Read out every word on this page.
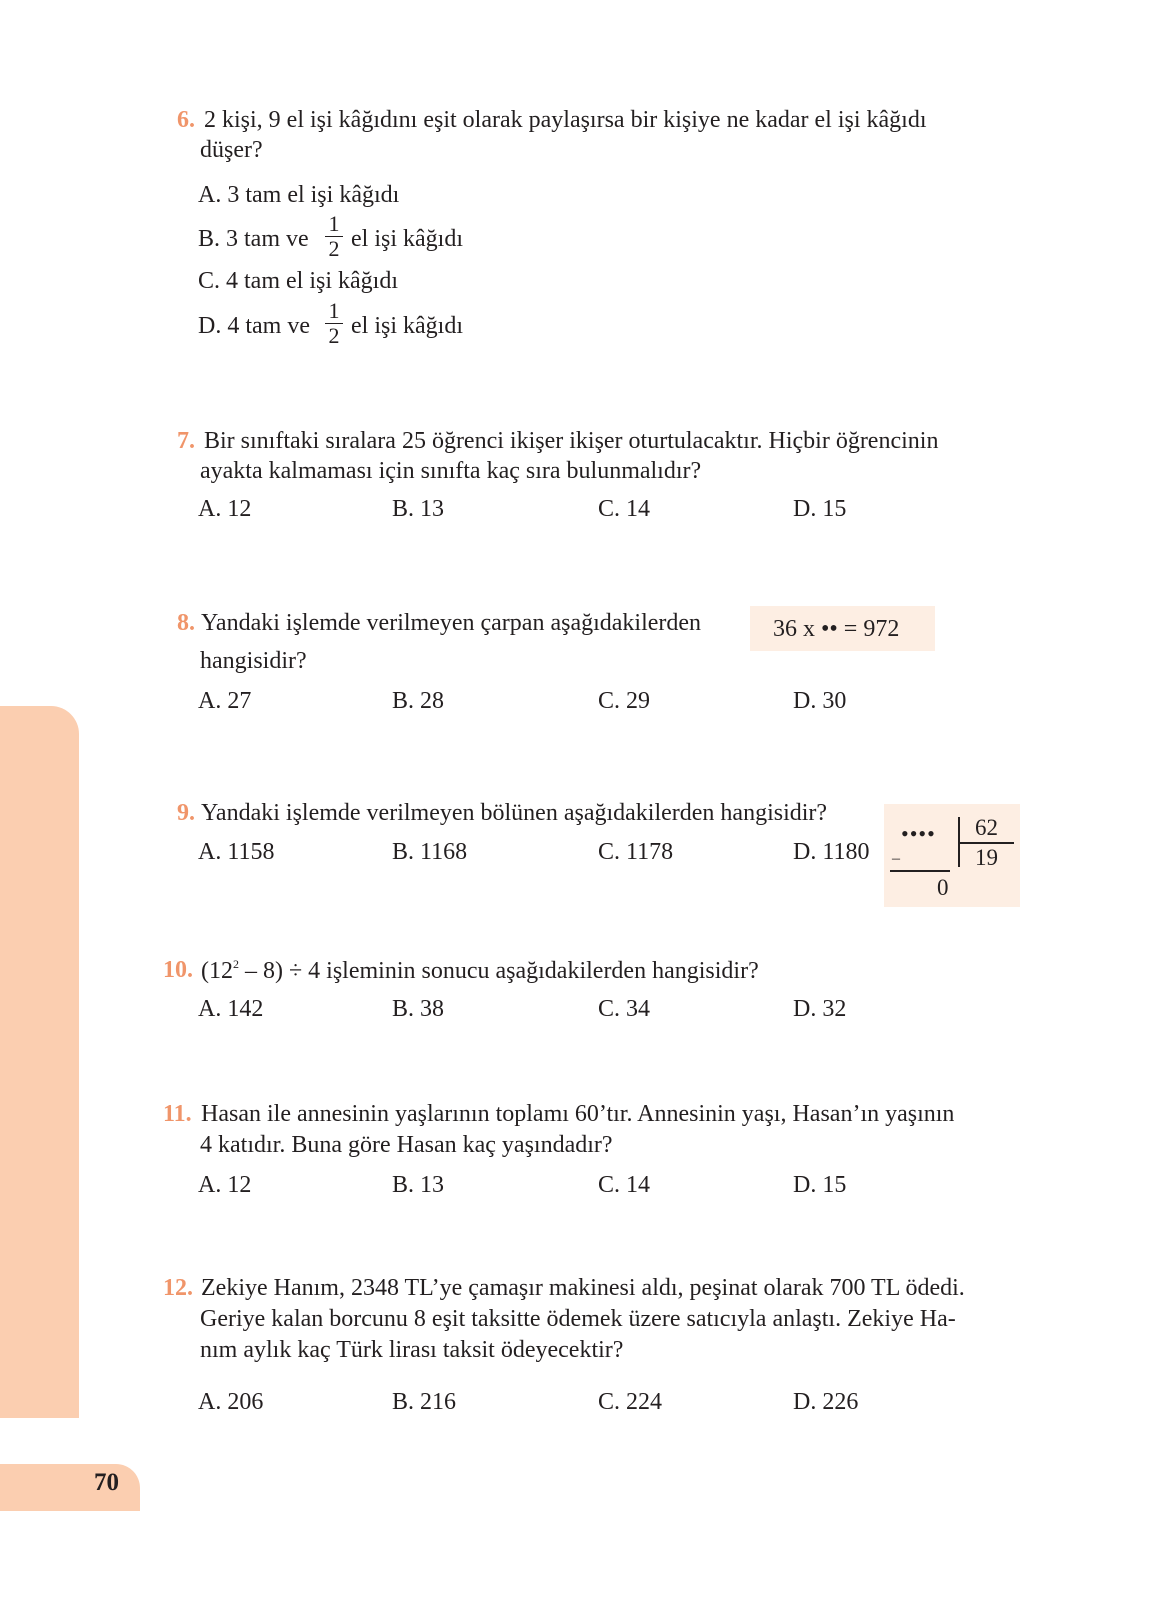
70
6. 2 kişi, 9 el işi kâğıdını eşit olarak paylaşırsa bir kişiye ne kadar el işi kâğıdı
düşer?
A. 3 tam el işi kâğıdı
B. 3 tam ve $\frac{1}{2}$ el işi kâğıdı
C. 4 tam el işi kâğıdı
D. 4 tam ve $\frac{1}{2}$ el işi kâğıdı
7. Bir sınıftaki sıralara 25 öğrenci ikişer ikişer oturtulacaktır. Hiçbir öğrencinin
ayakta kalmaması için sınıfta kaç sıra bulunmalıdır?
A. 12	B. 13	C. 14	D. 15
8. Yandaki işlemde verilmeyen çarpan aşağıdakilerden
hangisidir?
36 x •• = 972
A. 27	B. 28	C. 29	D. 30
9. Yandaki işlemde verilmeyen bölünen aşağıdakilerden hangisidir?
A. 1158	B. 1168	C. 1178	D. 1180
•••• 62
19
–
0
10. $(12^2 - 8) \div 4$ işleminin sonucu aşağıdakilerden hangisidir?
A. 142	B. 38	C. 34	D. 32
11. Hasan ile annesinin yaşlarının toplamı 60’tır. Annesinin yaşı, Hasan’ın yaşının
4 katıdır. Buna göre Hasan kaç yaşındadır?
A. 12	B. 13	C. 14	D. 15
12. Zekiye Hanım, 2348 TL’ye çamaşır makinesi aldı, peşinat olarak 700 TL ödedi.
Geriye kalan borcunu 8 eşit taksitte ödemek üzere satıcıyla anlaştı. Zekiye Ha-
nım aylık kaç Türk lirası taksit ödeyecektir?
A. 206	B. 216	C. 224	D. 226
